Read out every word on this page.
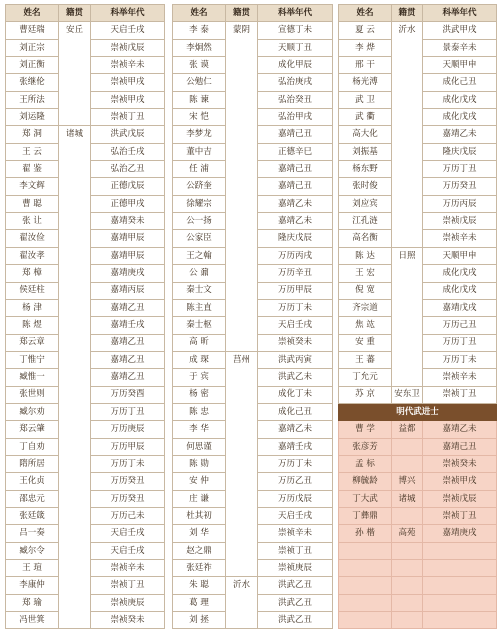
姓名	籍贯	科举年代
曹廷瑞	安丘	天启壬戌
刘正宗		崇祯戊辰
刘正衡		崇祯辛未
张继伦		崇祯甲戌
王所法		崇祯甲戌
刘运隆		崇祯丁丑
郑 洞	诸城	洪武戊辰
王 云		弘治壬戌
翟 鉴		弘治乙丑
李文辉		正德戊辰
曹 聪		正德甲戌
张 让		嘉靖癸未
翟汝俭		嘉靖甲辰
翟汝孝		嘉靖甲辰
郑 樟		嘉靖庚戌
侯廷柱		嘉靖丙辰
杨 津		嘉靖乙丑
陈 煜		嘉靖壬戌
郑云章		嘉靖乙丑
丁惟宁		嘉靖乙丑
臧惟一		嘉靖乙丑
张世则		万历癸酉
臧尔劝		万历丁丑
郑云肇		万历庚辰
丁自劝		万历甲辰
隋所居		万历丁未
王化贞		万历癸丑
邵忠元		万历癸丑
张廷箴		万历己未
吕一奏		天启壬戌
臧尔令		天启壬戌
王 瑄		崇祯辛未
李康仲		崇祯丁丑
郑 瑜		崇祯庚辰
冯世箕		崇祯癸未
姓名	籍贯	科举年代
李 泰	蒙阴	宣德丁未
李炯然		天顺丁丑
张 谟		成化甲辰
公勉仁		弘治庚戌
陈 谏		弘治癸丑
宋 恺		弘治甲戌
李梦龙		嘉靖己丑
董中吉		正德辛巳
任 浦		嘉靖己丑
公跻奎		嘉靖己丑
徐耀宗		嘉靖乙未
公一扬		嘉靖乙未
公家臣		隆庆戊辰
王之翰		万历丙戌
公 鼐		万历辛丑
秦士文		万历甲辰
陈主直		万历丁未
秦士枢		天启壬戌
高 昕		崇祯癸未
成 琛	莒州	洪武丙寅
于 宾		洪武乙未
杨 密		成化丁未
陈 忠		成化己丑
李 华		嘉靖乙未
何思谨		嘉靖壬戌
陈 勋		万历丁未
安 仲		万历乙丑
庄 谦		万历戊辰
杜其初		天启壬戌
刘 华		崇祯辛未
赵之鼎		崇祯丁丑
张廷祚		崇祯庚辰
朱 聪	沂水	洪武乙丑
葛 理		洪武乙丑
刘 拯		洪武乙丑
姓名	籍贯	科举年代
夏 云	沂水	洪武甲戌
李 烨		景泰辛未
邢 干		天顺甲申
杨光溥		成化己丑
武 卫		成化戊戌
武 衢		成化戊戌
高大化		嘉靖乙未
刘振基		隆庆戊辰
杨东野		万历丁丑
张时俊		万历癸丑
刘应宾		万历丙辰
江孔涟		崇祯戊辰
高名衡		崇祯辛未
陈 达	日照	天顺甲申
王 宏		成化戊戌
倪 宽		成化戊戌
齐宗道		嘉靖戊戌
焦 竑		万历己丑
安 重		万历丁丑
王 蕃		万历丁未
丁允元		崇祯辛未
苏 京	安东卫	崇祯丁丑
明代武进士		
曹 学	益都	嘉靖乙未
张彦芳		嘉靖己丑
孟 标		崇祯癸未
柳毓龄	博兴	崇祯甲戌
丁大武	诸城	崇祯戊辰
丁彝鼎		崇祯丁丑
孙 楷	高苑	嘉靖庚戌
